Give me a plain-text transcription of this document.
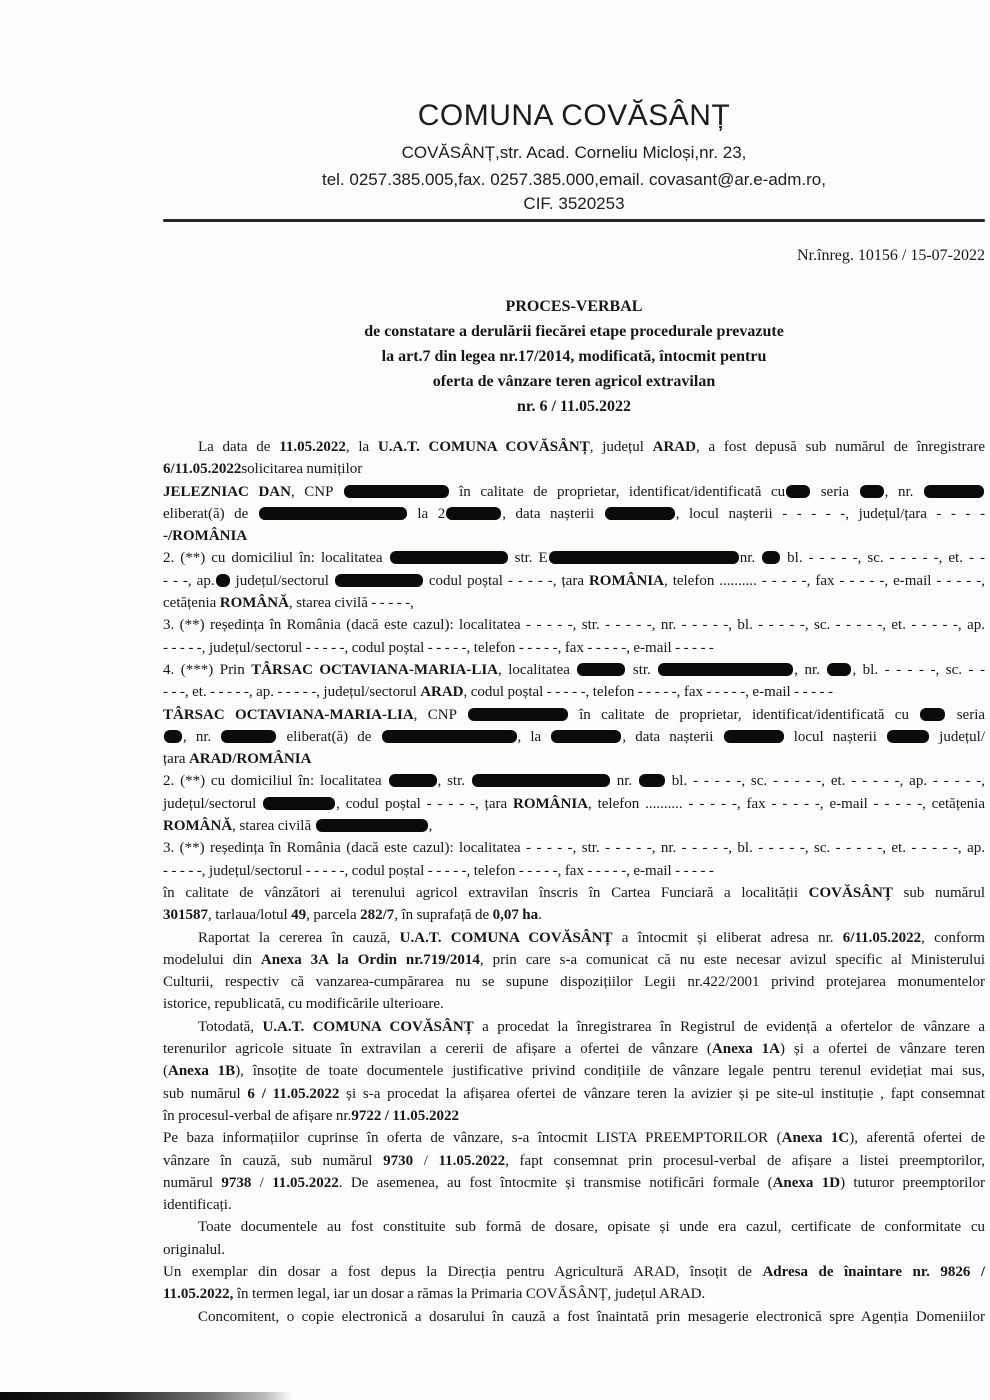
COMUNA COVĂSÂNȚ
COVĂSÂNȚ,str. Acad. Corneliu Micloși,nr. 23,
tel. 0257.385.005,fax. 0257.385.000,email. covasant@ar.e-adm.ro,
CIF. 3520253
Nr.înreg. 10156 / 15-07-2022
PROCES-VERBAL
de constatare a derulării fiecărei etape procedurale prevazute
la art.7 din legea nr.17/2014, modificată, întocmit pentru
oferta de vânzare teren agricol extravilan
nr. 6 / 11.05.2022
La data de 11.05.2022, la U.A.T. COMUNA COVĂSÂNȚ, județul ARAD, a fost depusă sub numărul de înregistrare
6/11.05.2022solicitarea numiților
JELEZNIAC DAN, CNP	în calitate de proprietar, identificat/identificată cu seria , nr.
eliberat(ă) de	la 2	, data nașterii	, locul nașterii - - - - -, județul/țara - - - -
-/ROMÂNIA
2. (**) cu domiciliul în: localitatea	str. E	nr.  bl. - - - - -, sc. - - - - -, et. - -
- - -, ap. județul/sectorul	codul poștal - - - - -, țara ROMÂNIA, telefon .......... - - - - -, fax - - - - -, e-mail - - - - -,
cetățenia ROMÂNĂ, starea civilă - - - - -,
3. (**) reședința în România (dacă este cazul): localitatea - - - - -, str. - - - - -, nr. - - - - -, bl. - - - - -, sc. - - - - -, et. - - - - -, ap.
- - - - -, județul/sectorul - - - - -, codul poștal - - - - -, telefon - - - - -, fax - - - - -, e-mail - - - - -
4. (***) Prin TÂRSAC OCTAVIANA-MARIA-LIA, localitatea	str.	, nr. , bl. - - - - -, sc. - -
- - -, et. - - - - -, ap. - - - - -, județul/sectorul ARAD, codul poștal - - - - -, telefon - - - - -, fax - - - - -, e-mail - - - - -
TÂRSAC OCTAVIANA-MARIA-LIA, CNP	în calitate de proprietar, identificat/identificată cu  seria
, nr.	eliberat(ă) de	, la	, data nașterii	locul nașterii	județul/
țara ARAD/ROMÂNIA
2. (**) cu domiciliul în: localitatea	, str.	nr.  bl. - - - - -, sc. - - - - -, et. - - - - -, ap. - - - - -,
județul/sectorul	, codul poștal - - - - -, țara ROMÂNIA, telefon .......... - - - - -, fax - - - - -, e-mail - - - - -, cetățenia
ROMÂNĂ, starea civilă	,
3. (**) reședința în România (dacă este cazul): localitatea - - - - -, str. - - - - -, nr. - - - - -, bl. - - - - -, sc. - - - - -, et. - - - - -, ap.
- - - - -, județul/sectorul - - - - -, codul poștal - - - - -, telefon - - - - -, fax - - - - -, e-mail - - - - -
în calitate de vânzători ai terenului agricol extravilan înscris în Cartea Funciară a localității COVĂSÂNȚ sub numărul
301587, tarlaua/lotul 49, parcela 282/7, în suprafață de 0,07 ha.
Raportat la cererea în cauză, U.A.T. COMUNA COVĂSÂNȚ a întocmit și eliberat adresa nr. 6/11.05.2022, conform
modelului din Anexa 3A la Ordin nr.719/2014, prin care s-a comunicat că nu este necesar avizul specific al Ministerului
Culturii, respectiv că vanzarea-cumpărarea nu se supune dispozițiilor Legii nr.422/2001 privind protejarea monumentelor
istorice, republicată, cu modificările ulterioare.
Totodată, U.A.T. COMUNA COVĂSÂNȚ a procedat la înregistrarea în Registrul de evidență a ofertelor de vânzare a
terenurilor agricole situate în extravilan a cererii de afișare a ofertei de vânzare (Anexa 1A) și a ofertei de vânzare teren
(Anexa 1B), însoțite de toate documentele justificative privind condițiile de vânzare legale pentru terenul evidețiat mai sus,
sub numărul 6 / 11.05.2022 și s-a procedat la afișarea ofertei de vânzare teren la avizier și pe site-ul instituție , fapt consemnat
în procesul-verbal de afișare nr.9722 / 11.05.2022
Pe baza informațiilor cuprinse în oferta de vânzare, s-a întocmit LISTA PREEMPTORILOR (Anexa 1C), aferentă ofertei de
vânzare în cauză, sub numărul 9730 / 11.05.2022, fapt consemnat prin procesul-verbal de afișare a listei preemptorilor,
numărul 9738 / 11.05.2022. De asemenea, au fost întocmite și transmise notificări formale (Anexa 1D) tuturor preemptorilor
identificați.
Toate documentele au fost constituite sub formă de dosare, opisate și unde era cazul, certificate de conformitate cu
originalul.
Un exemplar din dosar a fost depus la Direcția pentru Agricultură ARAD, însoțit de Adresa de înaintare nr. 9826 /
11.05.2022, în termen legal, iar un dosar a rămas la Primaria COVĂSÂNȚ, județul ARAD.
Concomitent, o copie electronică a dosarului în cauză a fost înaintată prin mesagerie electronică spre Agenția Domeniilor
